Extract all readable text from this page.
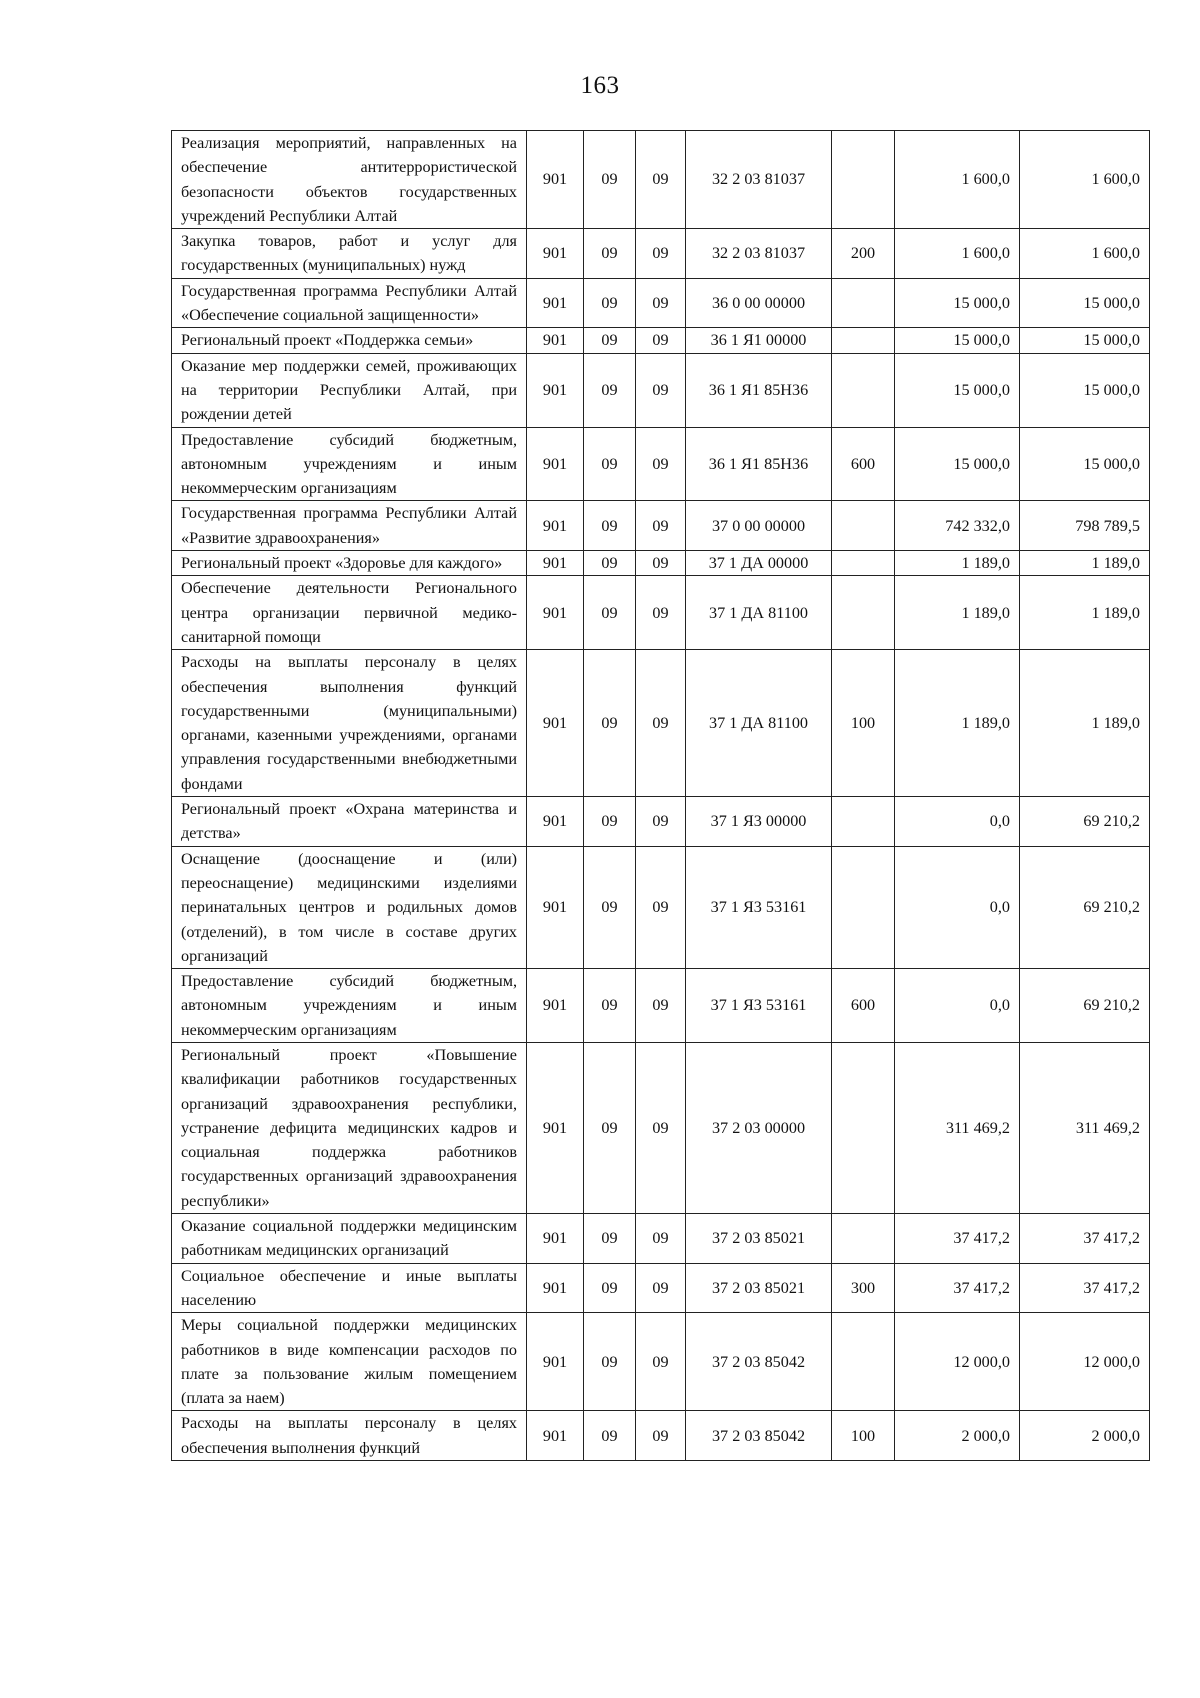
163
Реализация мероприятий, направленных на обеспечение антитеррористической безопасности объектов государственных учреждений Республики Алтай	901	09	09	32 2 03 81037		1 600,0	1 600,0
Закупка товаров, работ и услуг для государственных (муниципальных) нужд	901	09	09	32 2 03 81037	200	1 600,0	1 600,0
Государственная программа Республики Алтай «Обеспечение социальной защищенности»	901	09	09	36 0 00 00000		15 000,0	15 000,0
Региональный проект «Поддержка семьи»	901	09	09	36 1 Я1 00000		15 000,0	15 000,0
Оказание мер поддержки семей, проживающих на территории Республики Алтай, при рождении детей	901	09	09	36 1 Я1 85Н36		15 000,0	15 000,0
Предоставление субсидий бюджетным, автономным учреждениям и иным некоммерческим организациям	901	09	09	36 1 Я1 85Н36	600	15 000,0	15 000,0
Государственная программа Республики Алтай «Развитие здравоохранения»	901	09	09	37 0 00 00000		742 332,0	798 789,5
Региональный проект «Здоровье для каждого»	901	09	09	37 1 ДА 00000		1 189,0	1 189,0
Обеспечение деятельности Регионального центра организации первичной медико-санитарной помощи	901	09	09	37 1 ДА 81100		1 189,0	1 189,0
Расходы на выплаты персоналу в целях обеспечения выполнения функций государственными (муниципальными) органами, казенными учреждениями, органами управления государственными внебюджетными фондами	901	09	09	37 1 ДА 81100	100	1 189,0	1 189,0
Региональный проект «Охрана материнства и детства»	901	09	09	37 1 Я3 00000		0,0	69 210,2
Оснащение (дооснащение и (или) переоснащение) медицинскими изделиями перинатальных центров и родильных домов (отделений), в том числе в составе других организаций	901	09	09	37 1 Я3 53161		0,0	69 210,2
Предоставление субсидий бюджетным, автономным учреждениям и иным некоммерческим организациям	901	09	09	37 1 Я3 53161	600	0,0	69 210,2
Региональный проект «Повышение квалификации работников государственных организаций здравоохранения республики, устранение дефицита медицинских кадров и социальная поддержка работников государственных организаций здравоохранения республики»	901	09	09	37 2 03 00000		311 469,2	311 469,2
Оказание социальной поддержки медицинским работникам медицинских организаций	901	09	09	37 2 03 85021		37 417,2	37 417,2
Социальное обеспечение и иные выплаты населению	901	09	09	37 2 03 85021	300	37 417,2	37 417,2
Меры социальной поддержки медицинских работников в виде компенсации расходов по плате за пользование жилым помещением (плата за наем)	901	09	09	37 2 03 85042		12 000,0	12 000,0
Расходы на выплаты персоналу в целях обеспечения выполнения функций	901	09	09	37 2 03 85042	100	2 000,0	2 000,0
